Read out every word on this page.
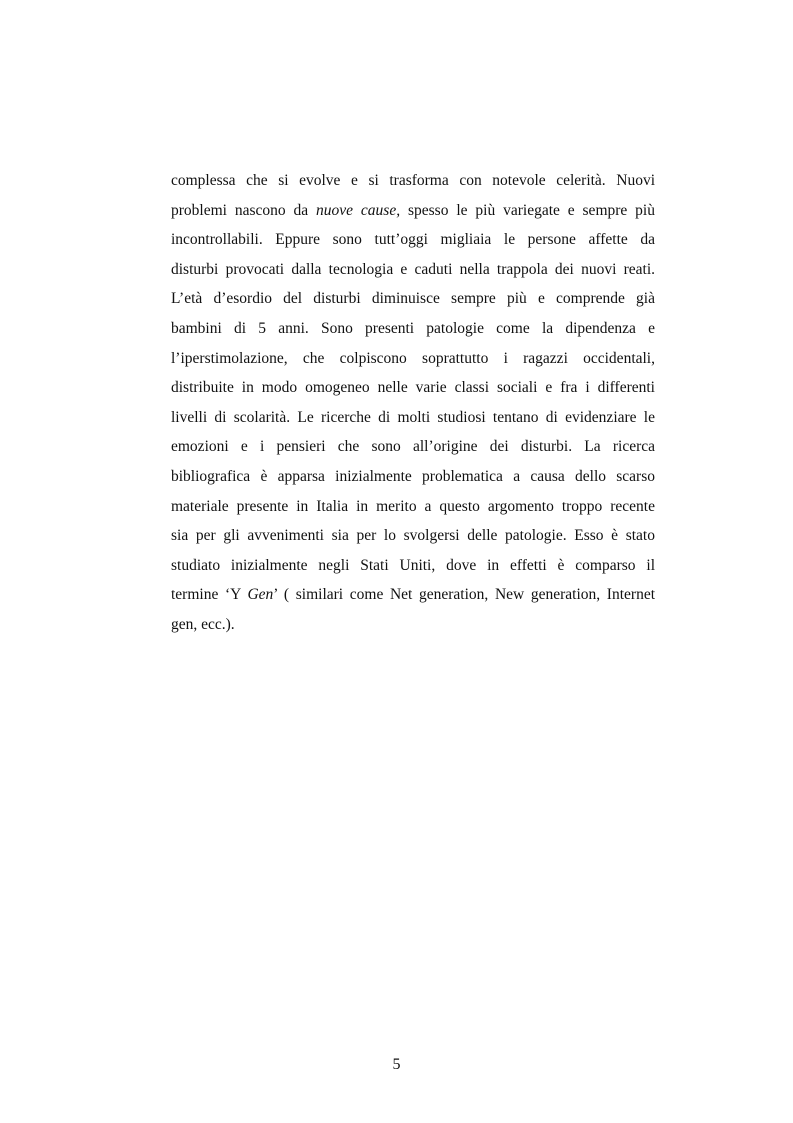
complessa che si evolve e si trasforma con notevole celerità. Nuovi
problemi nascono da nuove cause, spesso le più variegate e sempre più
incontrollabili. Eppure sono tutt’oggi migliaia le persone affette da
disturbi provocati dalla tecnologia e caduti nella trappola dei nuovi reati.
L’età d’esordio del disturbi diminuisce sempre più e comprende già
bambini di 5 anni. Sono presenti patologie come la dipendenza e
l’iperstimolazione, che colpiscono soprattutto i ragazzi occidentali,
distribuite in modo omogeneo nelle varie classi sociali e fra i differenti
livelli di scolarità. Le ricerche di molti studiosi tentano di evidenziare le
emozioni e i pensieri che sono all’origine dei disturbi. La ricerca
bibliografica è apparsa inizialmente problematica a causa dello scarso
materiale presente in Italia in merito a questo argomento troppo recente
sia per gli avvenimenti sia per lo svolgersi delle patologie. Esso è stato
studiato inizialmente negli Stati Uniti, dove in effetti è comparso il
termine ‘Y Gen’ ( similari come Net generation, New generation, Internet
gen, ecc.).
5
